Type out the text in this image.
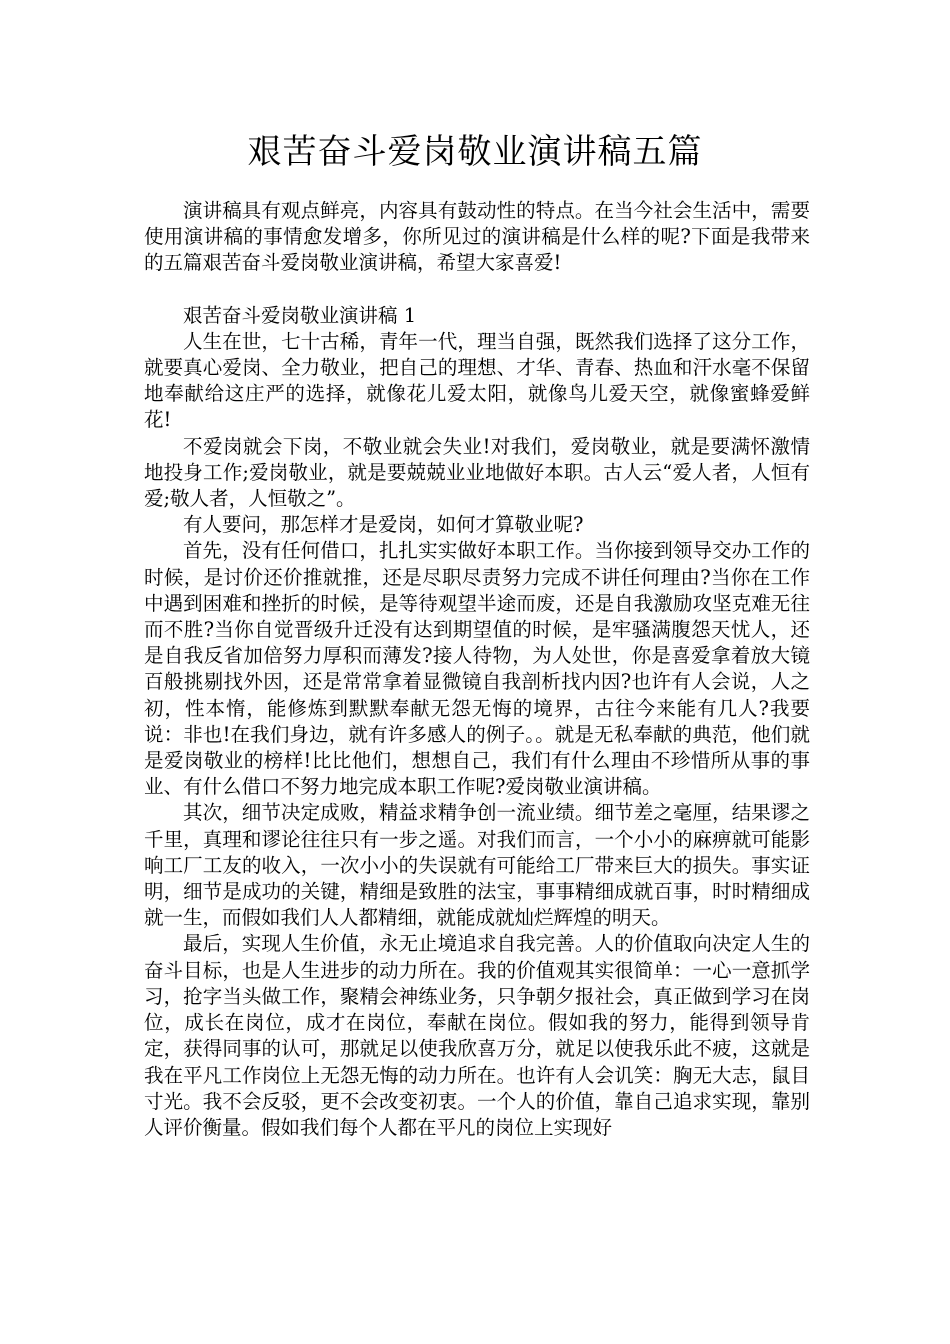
艰苦奋斗爱岗敬业演讲稿五篇

演讲稿具有观点鲜亮，内容具有鼓动性的特点。在当今社会生活中，需要使用演讲稿的事情愈发增多，你所见过的演讲稿是什么样的呢?下面是我带来的五篇艰苦奋斗爱岗敬业演讲稿，希望大家喜爱!

艰苦奋斗爱岗敬业演讲稿 1

人生在世，七十古稀，青年一代，理当自强，既然我们选择了这分工作，就要真心爱岗、全力敬业，把自己的理想、才华、青春、热血和汗水毫不保留地奉献给这庄严的选择，就像花儿爱太阳，就像鸟儿爱天空，就像蜜蜂爱鲜花!

不爱岗就会下岗，不敬业就会失业!对我们，爱岗敬业，就是要满怀激情地投身工作;爱岗敬业，就是要兢兢业业地做好本职。古人云“爱人者，人恒有爱;敬人者，人恒敬之”。

有人要问，那怎样才是爱岗，如何才算敬业呢?

首先，没有任何借口，扎扎实实做好本职工作。当你接到领导交办工作的时候，是讨价还价推就推，还是尽职尽责努力完成不讲任何理由?当你在工作中遇到困难和挫折的时候，是等待观望半途而废，还是自我激励攻坚克难无往而不胜?当你自觉晋级升迁没有达到期望值的时候，是牢骚满腹怨天忧人，还是自我反省加倍努力厚积而薄发?接人待物，为人处世，你是喜爱拿着放大镜百般挑剔找外因，还是常常拿着显微镜自我剖析找内因?也许有人会说，人之初，性本惰，能修炼到默默奉献无怨无悔的境界，古往今来能有几人?我要说：非也!在我们身边，就有许多感人的例子。。就是无私奉献的典范，他们就是爱岗敬业的榜样!比比他们，想想自己，我们有什么理由不珍惜所从事的事业、有什么借口不努力地完成本职工作呢?爱岗敬业演讲稿。

其次，细节决定成败，精益求精争创一流业绩。细节差之毫厘，结果谬之千里，真理和谬论往往只有一步之遥。对我们而言，一个小小的麻痹就可能影响工厂工友的收入，一次小小的失误就有可能给工厂带来巨大的损失。事实证明，细节是成功的关键，精细是致胜的法宝，事事精细成就百事，时时精细成就一生，而假如我们人人都精细，就能成就灿烂辉煌的明天。

最后，实现人生价值，永无止境追求自我完善。人的价值取向决定人生的奋斗目标，也是人生进步的动力所在。我的价值观其实很简单：一心一意抓学习，抢字当头做工作，聚精会神练业务，只争朝夕报社会，真正做到学习在岗位，成长在岗位，成才在岗位，奉献在岗位。假如我的努力，能得到领导肯定，获得同事的认可，那就足以使我欣喜万分，就足以使我乐此不疲，这就是我在平凡工作岗位上无怨无悔的动力所在。也许有人会讥笑：胸无大志，鼠目寸光。我不会反驳，更不会改变初衷。一个人的价值，靠自己追求实现，靠别人评价衡量。假如我们每个人都在平凡的岗位上实现好
